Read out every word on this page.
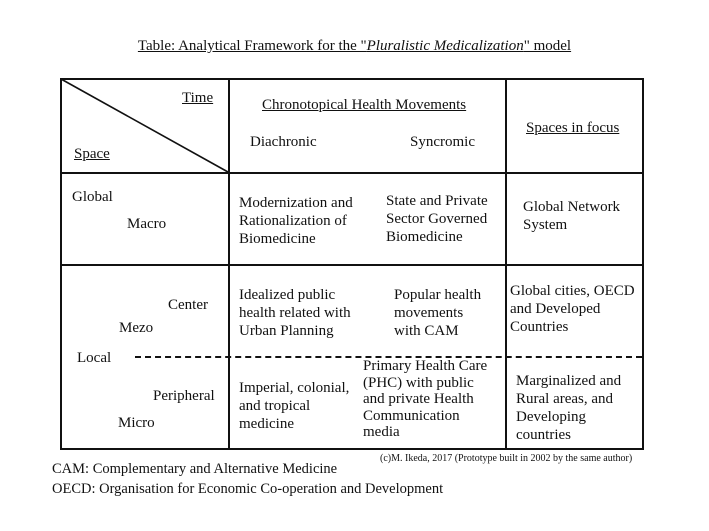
Table: Analytical Framework for the "Pluralistic Medicalization" model
Time
Space
Chronotopical Health Movements
Diachronic	Syncromic
Spaces in focus
Global
Macro
Modernization and
Rationalization of
Biomedicine
State and Private
Sector Governed
Biomedicine
Global Network
System
Center
Mezo
Local
Idealized public
health related with
Urban Planning
Popular health
movements
with CAM
Global cities, OECD
and Developed
Countries
Peripheral
Micro
Imperial, colonial,
and tropical
medicine
Primary Health Care
(PHC) with public
and private Health
Communication
media
Marginalized and
Rural areas, and
Developing
countries
(c)M. Ikeda, 2017 (Prototype built in 2002 by the same author)
CAM: Complementary and Alternative Medicine
OECD: Organisation for Economic Co-operation and Development
